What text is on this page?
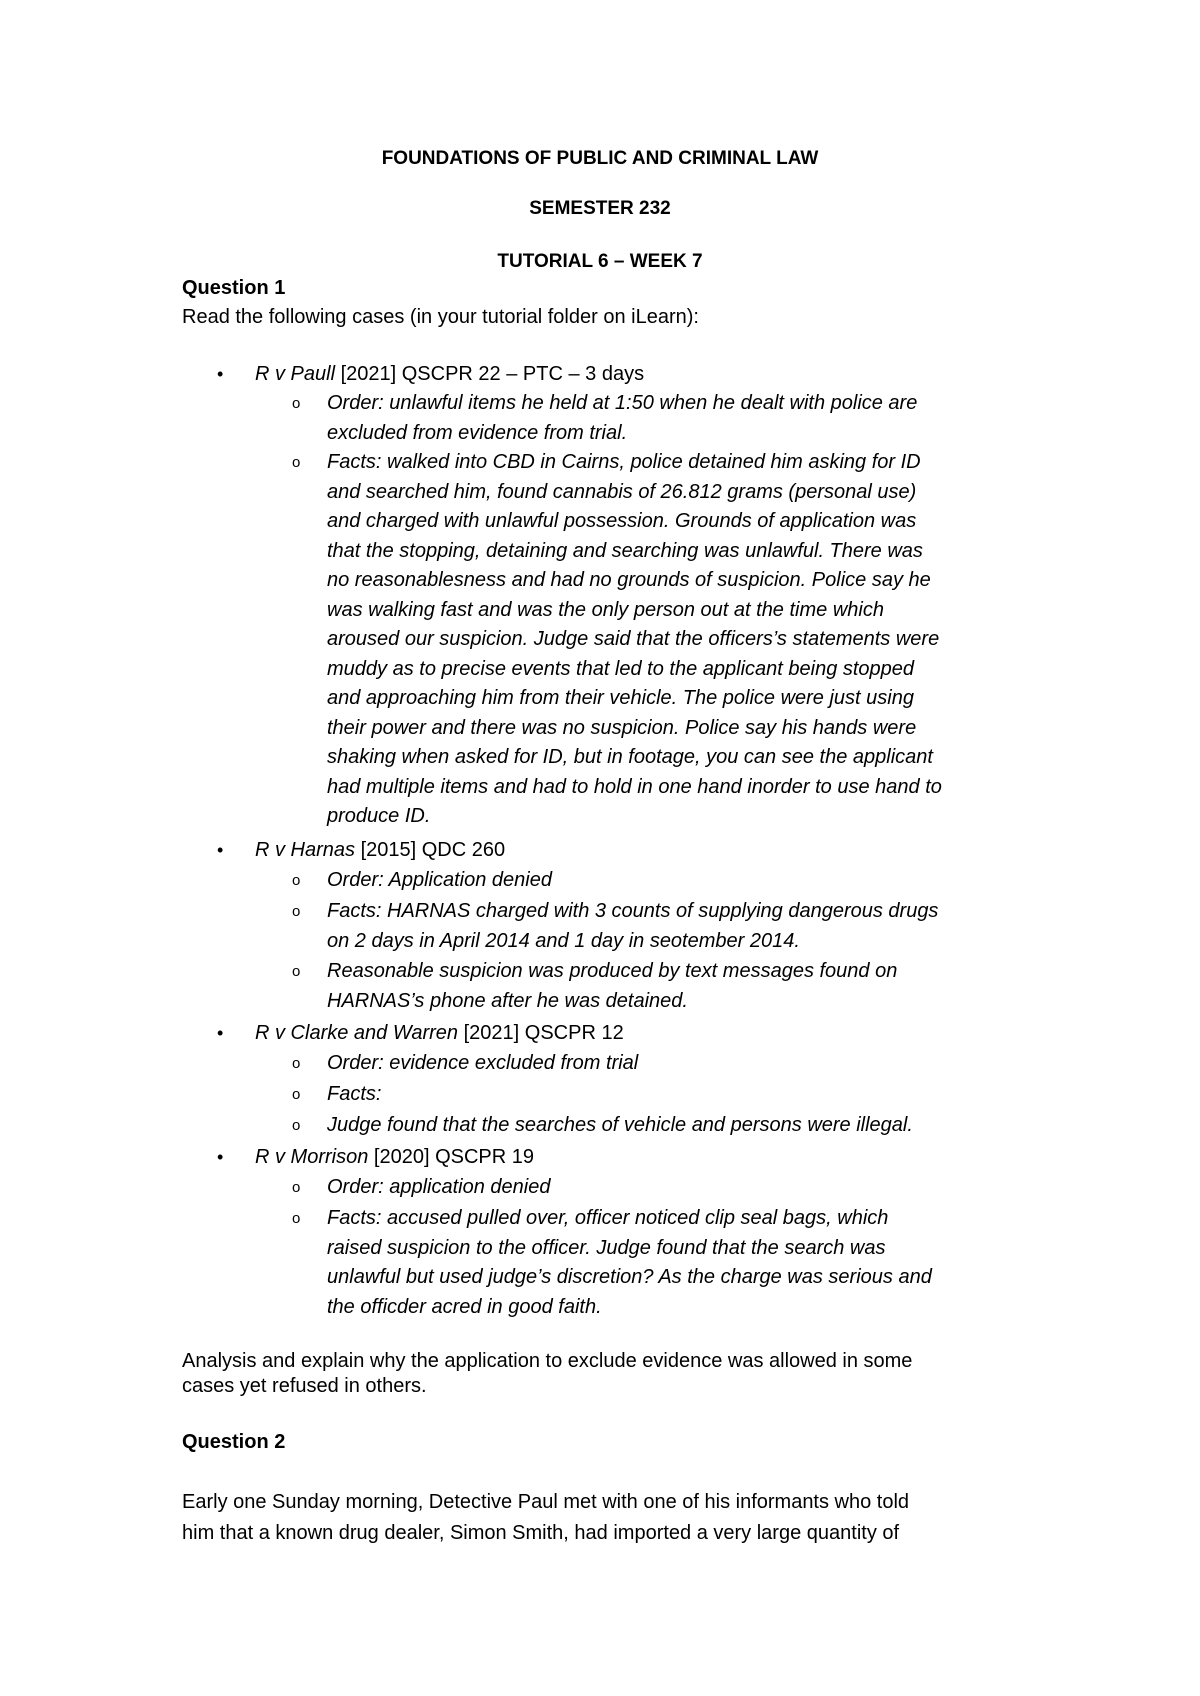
FOUNDATIONS OF PUBLIC AND CRIMINAL LAW

SEMESTER 232

TUTORIAL 6 – WEEK 7

Question 1

Read the following cases (in your tutorial folder on iLearn):

• R v Paull [2021] QSCPR 22 – PTC – 3 days
o Order: unlawful items he held at 1:50 when he dealt with police are
excluded from evidence from trial.
o Facts: walked into CBD in Cairns, police detained him asking for ID
and searched him, found cannabis of 26.812 grams (personal use)
and charged with unlawful possession. Grounds of application was
that the stopping, detaining and searching was unlawful. There was
no reasonablesness and had no grounds of suspicion. Police say he
was walking fast and was the only person out at the time which
aroused our suspicion. Judge said that the officers’s statements were
muddy as to precise events that led to the applicant being stopped
and approaching him from their vehicle. The police were just using
their power and there was no suspicion. Police say his hands were
shaking when asked for ID, but in footage, you can see the applicant
had multiple items and had to hold in one hand inorder to use hand to
produce ID.
• R v Harnas [2015] QDC 260
o Order: Application denied
o Facts: HARNAS charged with 3 counts of supplying dangerous drugs
on 2 days in April 2014 and 1 day in seotember 2014.
o Reasonable suspicion was produced by text messages found on
HARNAS’s phone after he was detained.
• R v Clarke and Warren [2021] QSCPR 12
o Order: evidence excluded from trial
o Facts:
o Judge found that the searches of vehicle and persons were illegal.
• R v Morrison [2020] QSCPR 19
o Order: application denied
o Facts: accused pulled over, officer noticed clip seal bags, which
raised suspicion to the officer. Judge found that the search was
unlawful but used judge’s discretion? As the charge was serious and
the officder acred in good faith.
Analysis and explain why the application to exclude evidence was allowed in some
cases yet refused in others.

Question 2

Early one Sunday morning, Detective Paul met with one of his informants who told
him that a known drug dealer, Simon Smith, had imported a very large quantity of
